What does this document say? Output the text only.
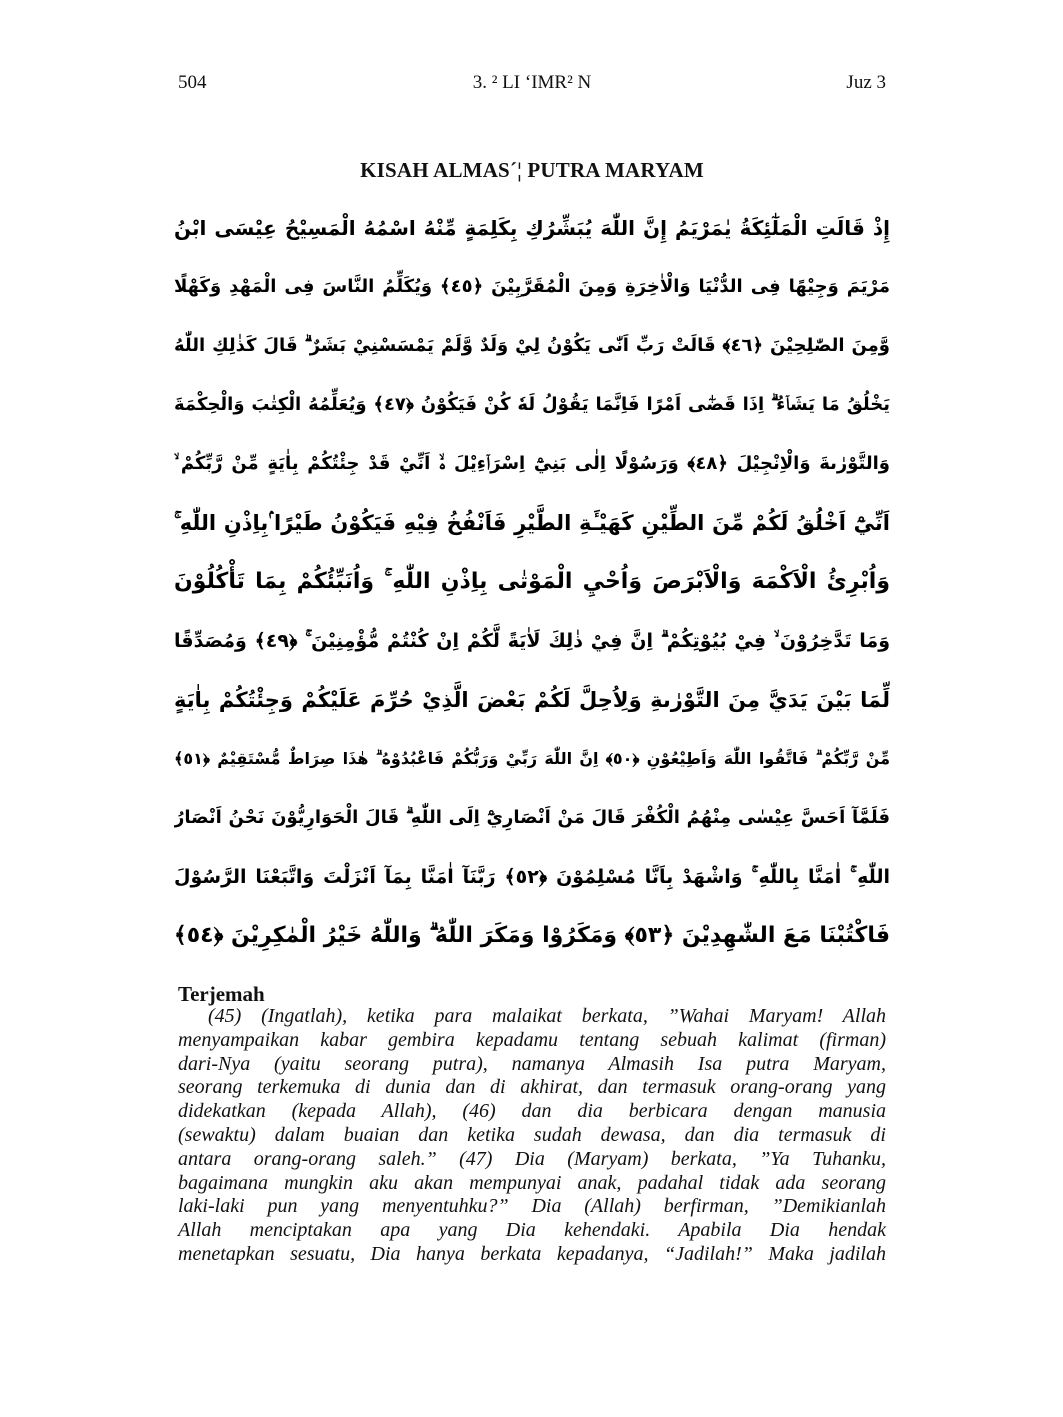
504	3. ² LI ‘IMR² N	Juz 3
KISAH ALMAS´¦ PUTRA MARYAM
إِذْ قَالَتِ الْمَلٰٓئِكَةُ يٰمَرْيَمُ إِنَّ اللّٰهَ يُبَشِّرُكِ بِكَلِمَةٍ مِّنْهُ اسْمُهُ الْمَسِيْحُ عِيْسَى ابْنُ
مَرْيَمَ وَجِيْهًا فِى الدُّنْيَا وَالْاٰخِرَةِ وَمِنَ الْمُقَرَّبِيْنَ ﴿٤٥﴾ وَيُكَلِّمُ النَّاسَ فِى الْمَهْدِ وَكَهْلًا
وَّمِنَ الصّٰلِحِيْنَ ﴿٤٦﴾ قَالَتْ رَبِّ اَنّٰى يَكُوْنُ لِيْ وَلَدٌ وَّلَمْ يَمْسَسْنِيْ بَشَرٌ ۗ قَالَ كَذٰلِكِ اللّٰهُ
يَخْلُقُ مَا يَشَاۤءُ ۗ اِذَا قَضٰٓى اَمْرًا فَاِنَّمَا يَقُوْلُ لَهٗ كُنْ فَيَكُوْنُ ﴿٤٧﴾ وَيُعَلِّمُهُ الْكِتٰبَ وَالْحِكْمَةَ
وَالتَّوْرٰىةَ وَالْاِنْجِيْلَ ﴿٤٨﴾ وَرَسُوْلًا اِلٰى بَنِيْٓ اِسْرَاۤءِيْلَ ەۙ اَنِّيْ قَدْ جِئْتُكُمْ بِاٰيَةٍ مِّنْ رَّبِّكُمْ ۙ
اَنِّيْٓ اَخْلُقُ لَكُمْ مِّنَ الطِّيْنِ كَهَيْـَٔةِ الطَّيْرِ فَاَنْفُخُ فِيْهِ فَيَكُوْنُ طَيْرًا ۢبِاِذْنِ اللّٰهِ ۚ
وَاُبْرِئُ الْاَكْمَهَ وَالْاَبْرَصَ وَاُحْيِ الْمَوْتٰى بِاِذْنِ اللّٰهِ ۚ وَاُنَبِّئُكُمْ بِمَا تَأْكُلُوْنَ
وَمَا تَدَّخِرُوْنَ ۙ فِيْ بُيُوْتِكُمْ ۗ اِنَّ فِيْ ذٰلِكَ لَاٰيَةً لَّكُمْ اِنْ كُنْتُمْ مُّؤْمِنِيْنَ ۚ ﴿٤٩﴾ وَمُصَدِّقًا
لِّمَا بَيْنَ يَدَيَّ مِنَ التَّوْرٰىةِ وَلِاُحِلَّ لَكُمْ بَعْضَ الَّذِيْ حُرِّمَ عَلَيْكُمْ وَجِئْتُكُمْ بِاٰيَةٍ
مِّنْ رَّبِّكُمْ ۗ فَاتَّقُوا اللّٰهَ وَاَطِيْعُوْنِ ﴿٥٠﴾ اِنَّ اللّٰهَ رَبِّيْ وَرَبُّكُمْ فَاعْبُدُوْهُ ۗ هٰذَا صِرَاطٌ مُّسْتَقِيْمٌ ﴿٥١﴾
فَلَمَّآ اَحَسَّ عِيْسٰى مِنْهُمُ الْكُفْرَ قَالَ مَنْ اَنْصَارِيْٓ اِلَى اللّٰهِ ۗ قَالَ الْحَوَارِيُّوْنَ نَحْنُ اَنْصَارُ
اللّٰهِ ۚ اٰمَنَّا بِاللّٰهِ ۚ وَاشْهَدْ بِاَنَّا مُسْلِمُوْنَ ﴿٥٢﴾ رَبَّنَآ اٰمَنَّا بِمَآ اَنْزَلْتَ وَاتَّبَعْنَا الرَّسُوْلَ
فَاكْتُبْنَا مَعَ الشّٰهِدِيْنَ ﴿٥٣﴾ وَمَكَرُوْا وَمَكَرَ اللّٰهُ ۗ وَاللّٰهُ خَيْرُ الْمٰكِرِيْنَ ﴿٥٤﴾
Terjemah
(45) (Ingatlah), ketika para malaikat berkata, ”Wahai Maryam! Allah
menyampaikan kabar gembira kepadamu tentang sebuah kalimat (firman)
dari-Nya (yaitu seorang putra), namanya Almasih Isa putra Maryam,
seorang terkemuka di dunia dan di akhirat, dan termasuk orang-orang yang
didekatkan (kepada Allah), (46) dan dia berbicara dengan manusia
(sewaktu) dalam buaian dan ketika sudah dewasa, dan dia termasuk di
antara orang-orang saleh.” (47) Dia (Maryam) berkata, ”Ya Tuhanku,
bagaimana mungkin aku akan mempunyai anak, padahal tidak ada seorang
laki-laki pun yang menyentuhku?” Dia (Allah) berfirman, ”Demikianlah
Allah menciptakan apa yang Dia kehendaki. Apabila Dia hendak
menetapkan sesuatu, Dia hanya berkata kepadanya, “Jadilah!” Maka jadilah
